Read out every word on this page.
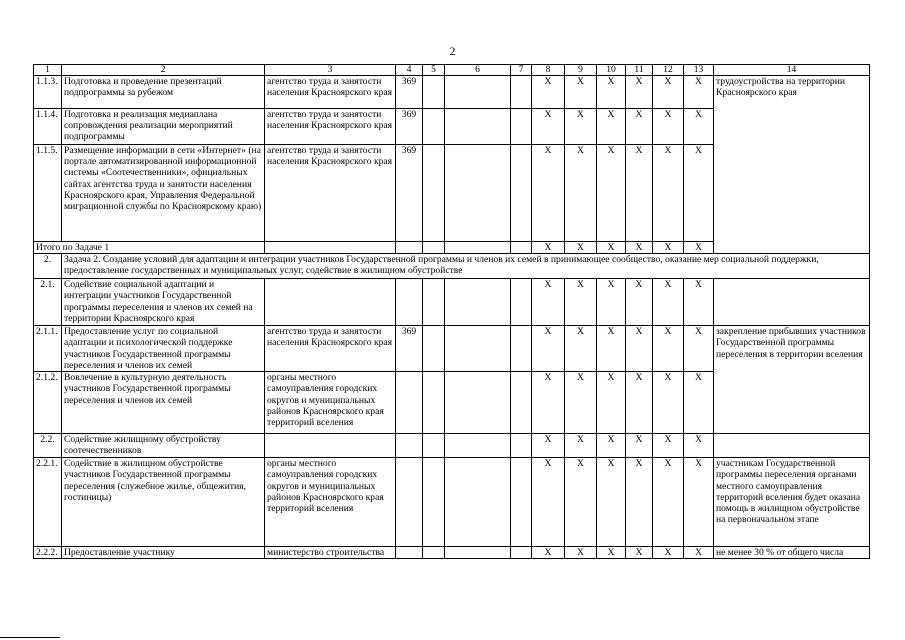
2
1	2	3	4	5	6	7	8	9	10	11	12	13	14
1.1.3.	Подготовка и проведение презентаций подпрограммы за рубежом	агентство труда и занятости населения Красноярского края	369				X	X	X	X	X	X	трудоустройства на территории Красноярского края
1.1.4.	Подготовка и реализация медиаплана сопровождения реализации мероприятий подпрограммы	агентство труда и занятости населения Красноярского края	369				X	X	X	X	X	X	
1.1.5.	Размещение информации в сети «Интернет» (на портале автоматизированной информационной системы «Соотечественники», официальных сайтах агентства труда и занятости населения Красноярского края, Управления Федеральной миграционной службы по Красноярскому краю)	агентство труда и занятости населения Красноярского края	369				X	X	X	X	X	X	
Итого по Задаче 1							X	X	X	X	X	X	
2.	Задача 2. Создание условий для адаптации и интеграции участников Государственной программы и членов их семей в принимающее сообщество, оказание мер социальной поддержки, предоставление государственных и муниципальных услуг, содействие в жилищном обустройстве												
2.1.	Содействие социальной адаптации и интеграции участников Государственной программы переселения и членов их семей на территории Красноярского края						X	X	X	X	X	X	
2.1.1.	Предоставление услуг по социальной адаптации и психологической поддержке участников Государственной программы переселения и членов их семей	агентство труда и занятости населения Красноярского края	369				X	X	X	X	X	X	закрепление прибывших участников Государственной программы переселения в территории вселения
2.1.2.	Вовлечение в культурную деятельность участников Государственной программы переселения и членов их семей	органы местного самоуправления городских округов и муниципальных районов Красноярского края территорий вселения					X	X	X	X	X	X	
2.2.	Содействие жилищному обустройству соотечественников						X	X	X	X	X	X	
2.2.1.	Содействие в жилищном обустройстве участников Государственной программы переселения (служебное жилье, общежития, гостиницы)	органы местного самоуправления городских округов и муниципальных районов Красноярского края территорий вселения					X	X	X	X	X	X	участникам Государственной программы переселения органами местного самоуправления территорий вселения будет оказана помощь в жилищном обустройстве на первоначальном этапе
2.2.2.	Предоставление участнику	министерство строительства					X	X	X	X	X	X	не менее 30 % от общего числа
